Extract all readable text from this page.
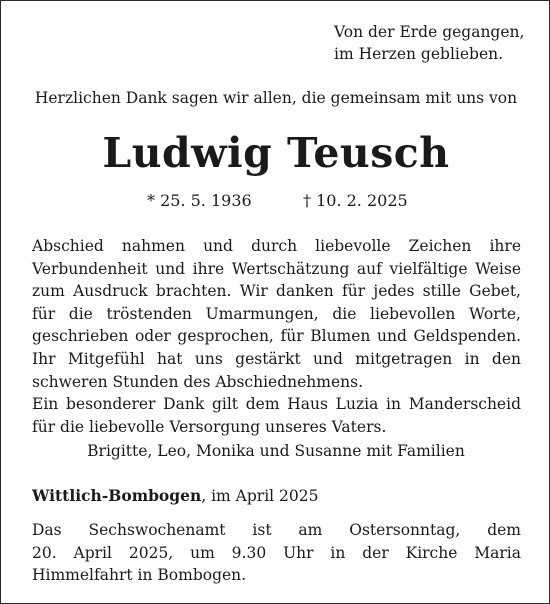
Von der Erde gegangen,
im Herzen geblieben.
Herzlichen Dank sagen wir allen, die gemeinsam mit uns von
Ludwig Teusch
* 25. 5. 1936	† 10. 2. 2025
Abschied nahmen und durch liebevolle Zeichen ihre
Verbundenheit und ihre Wertschätzung auf vielfältige Weise
zum Ausdruck brachten. Wir danken für jedes stille Gebet,
für die tröstenden Umarmungen, die liebevollen Worte,
geschrieben oder gesprochen, für Blumen und Geldspenden.
Ihr Mitgefühl hat uns gestärkt und mitgetragen in den
schweren Stunden des Abschiednehmens.
Ein besonderer Dank gilt dem Haus Luzia in Manderscheid
für die liebevolle Versorgung unseres Vaters.
Brigitte, Leo, Monika und Susanne mit Familien
Wittlich-Bombogen, im April 2025
Das Sechswochenamt ist am Ostersonntag, dem
20. April 2025, um 9.30 Uhr in der Kirche Maria
Himmelfahrt in Bombogen.
